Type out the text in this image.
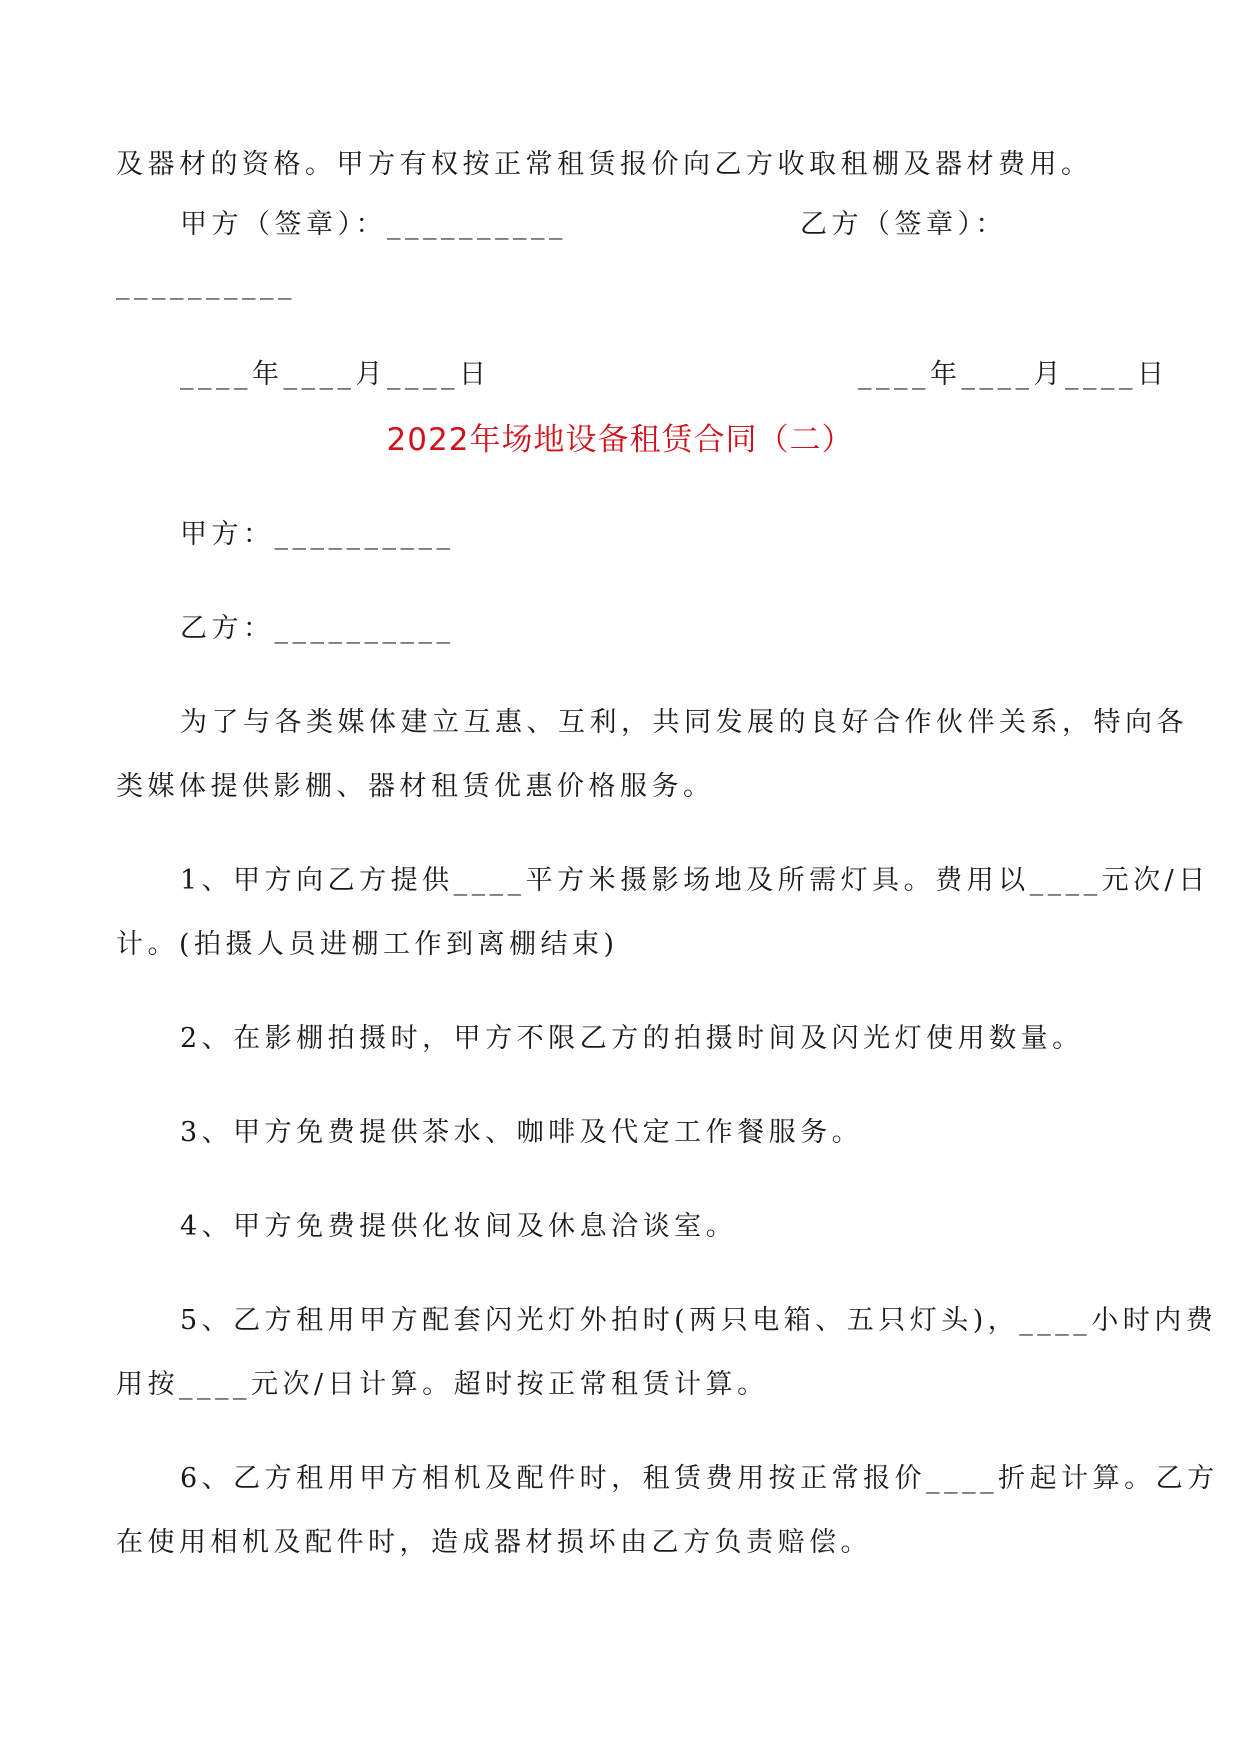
及器材的资格。甲方有权按正常租赁报价向乙方收取租棚及器材费用。
甲方（签章）：__________	乙方（签章）：
__________
____年____月____日	____年____月____日
2022年场地设备租赁合同（二）
甲方：__________
乙方：__________
为了与各类媒体建立互惠、互利，共同发展的良好合作伙伴关系，特向各
类媒体提供影棚、器材租赁优惠价格服务。
1、甲方向乙方提供____平方米摄影场地及所需灯具。费用以____元次/日
计。(拍摄人员进棚工作到离棚结束)
2、在影棚拍摄时，甲方不限乙方的拍摄时间及闪光灯使用数量。
3、甲方免费提供茶水、咖啡及代定工作餐服务。
4、甲方免费提供化妆间及休息洽谈室。
5、乙方租用甲方配套闪光灯外拍时(两只电箱、五只灯头)，____小时内费
用按____元次/日计算。超时按正常租赁计算。
6、乙方租用甲方相机及配件时，租赁费用按正常报价____折起计算。乙方
在使用相机及配件时，造成器材损坏由乙方负责赔偿。
